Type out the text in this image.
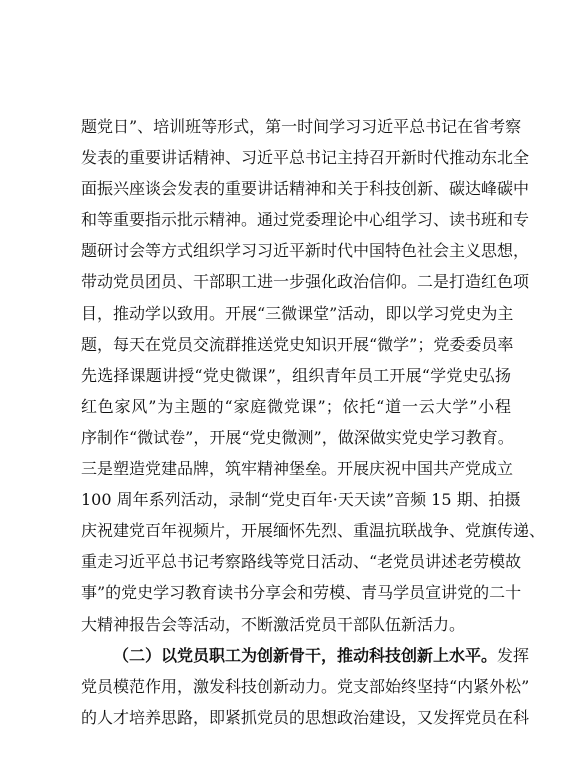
题党日”、培训班等形式，第一时间学习习近平总书记在省考察
发表的重要讲话精神、习近平总书记主持召开新时代推动东北全
面振兴座谈会发表的重要讲话精神和关于科技创新、碳达峰碳中
和等重要指示批示精神。通过党委理论中心组学习、读书班和专
题研讨会等方式组织学习习近平新时代中国特色社会主义思想，
带动党员团员、干部职工进一步强化政治信仰。二是打造红色项
目，推动学以致用。开展“三微课堂”活动，即以学习党史为主
题，每天在党员交流群推送党史知识开展“微学”；党委委员率
先选择课题讲授“党史微课”，组织青年员工开展“学党史弘扬
红色家风”为主题的“家庭微党课”；依托“道一云大学”小程
序制作“微试卷”，开展“党史微测”，做深做实党史学习教育。
三是塑造党建品牌，筑牢精神堡垒。开展庆祝中国共产党成立
100 周年系列活动，录制“党史百年·天天读”音频 15 期、拍摄
庆祝建党百年视频片，开展缅怀先烈、重温抗联战争、党旗传递、
重走习近平总书记考察路线等党日活动、“老党员讲述老劳模故
事”的党史学习教育读书分享会和劳模、青马学员宣讲党的二十
大精神报告会等活动，不断激活党员干部队伍新活力。
（二）以党员职工为创新骨干，推动科技创新上水平。发挥
党员模范作用，激发科技创新动力。党支部始终坚持“内紧外松”
的人才培养思路，即紧抓党员的思想政治建设，又发挥党员在科
